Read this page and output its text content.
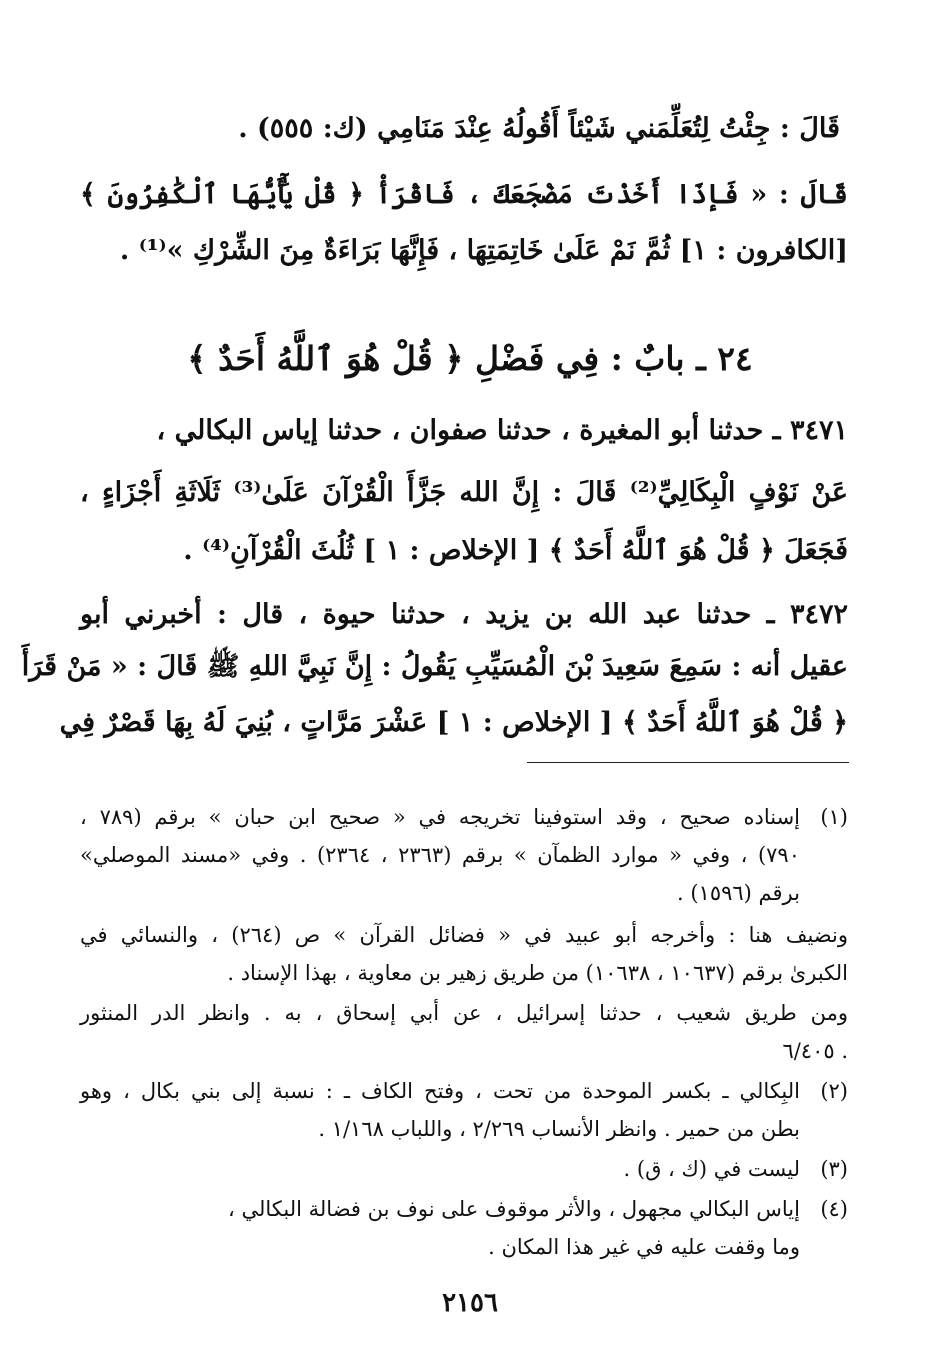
قَالَ : جِئْتُ لِتُعَلِّمَني شَيْئاً أَقُولُهُ عِنْدَ مَنَامِي (ك: ٥٥٥) .
قَالَ : « فَإذَا أَخَذْتَ مَضْجَعَكَ ، فَاقْرَأْ ﴿ قُلْ يَٰٓأَيُّهَا ٱلْكَٰفِرُونَ ﴾
[الكافرون : ١] ثُمَّ نَمْ عَلَىٰ خَاتِمَتِهَا ، فَإِنَّهَا بَرَاءَةٌ مِنَ الشِّرْكِ »⁽¹⁾ .
٢٤ ـ بابٌ : فِي فَضْلِ ﴿ قُلْ هُوَ ٱللَّهُ أَحَدٌ ﴾
٣٤٧١ ـ حدثنا أبو المغيرة ، حدثنا صفوان ، حدثنا إياس البكالي ،
عَنْ نَوْفٍ الْبِكَالِيِّ⁽²⁾ قَالَ : إِنَّ الله جَزَّأَ الْقُرْآنَ عَلَىٰ⁽³⁾ ثَلَاثَةِ أَجْزَاءٍ ،
فَجَعَلَ ﴿ قُلْ هُوَ ٱللَّهُ أَحَدٌ ﴾ [ الإخلاص : ١ ] ثُلُثَ الْقُرْآنِ⁽⁴⁾ .
٣٤٧٢ ـ حدثنا عبد الله بن يزيد ، حدثنا حيوة ، قال : أخبرني أبو
عقيل أنه : سَمِعَ سَعِيدَ بْنَ الْمُسَيِّبِ يَقُولُ : إِنَّ نَبِيَّ اللهِ ﷺ قَالَ : « مَنْ قَرَأَ
﴿ قُلْ هُوَ ٱللَّهُ أَحَدٌ ﴾ [ الإخلاص : ١ ] عَشْرَ مَرَّاتٍ ، بُنِيَ لَهُ بِهَا قَصْرٌ فِي
(١)
إسناده صحيح ، وقد استوفينا تخريجه في « صحيح ابن حبان » برقم (٧٨٩ ،
٧٩٠) ، وفي « موارد الظمآن » برقم (٢٣٦٣ ، ٢٣٦٤) . وفي «مسند الموصلي»
برقم (١٥٩٦) .
ونضيف هنا : وأخرجه أبو عبيد في « فضائل القرآن » ص (٢٦٤) ، والنسائي في
الكبرىٰ برقم (١٠٦٣٧ ، ١٠٦٣٨) من طريق زهير بن معاوية ، بهذا الإسناد .
ومن طريق شعيب ، حدثنا إسرائيل ، عن أبي إسحاق ، به . وانظر الدر المنثور
٦/٤٠٥ .
(٢)
البِكالي ـ بكسر الموحدة من تحت ، وفتح الكاف ـ : نسبة إلى بني بكال ، وهو
بطن من حمير . وانظر الأنساب ٢/٢٦٩ ، واللباب ١/١٦٨ .
(٣)
ليست في (ك ، ق) .
(٤)
إياس البكالي مجهول ، والأثر موقوف على نوف بن فضالة البكالي ،
وما وقفت عليه في غير هذا المكان .
٢١٥٦
